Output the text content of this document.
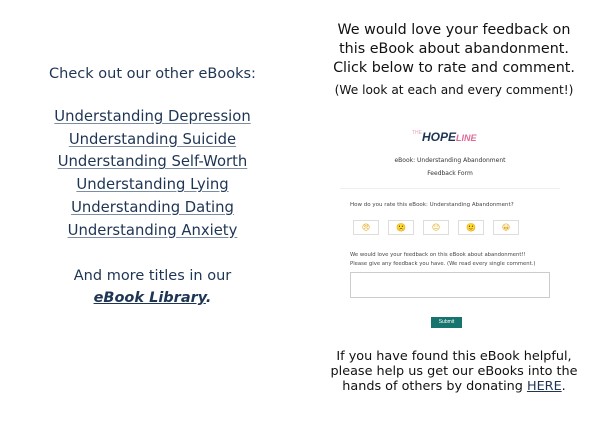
Check out our other eBooks:
Understanding Depression
Understanding Suicide
Understanding Self-Worth
Understanding Lying
Understanding Dating
Understanding Anxiety
And more titles in our
eBook Library.
We would love your feedback on
this eBook about abandonment.
Click below to rate and comment.
(We look at each and every comment!)
$^{THE}$HOPELINE
eBook: Understanding Abandonment
Feedback Form
How do you rate this eBook: Understanding Abandonment?
😠	🙁	😐	🙂	😀
We would love your feedback on this eBook about abandonment!!
Please give any feedback you have. (We read every single comment.)
Submit
If you have found this eBook helpful,
please help us get our eBooks into the
hands of others by donating HERE.
